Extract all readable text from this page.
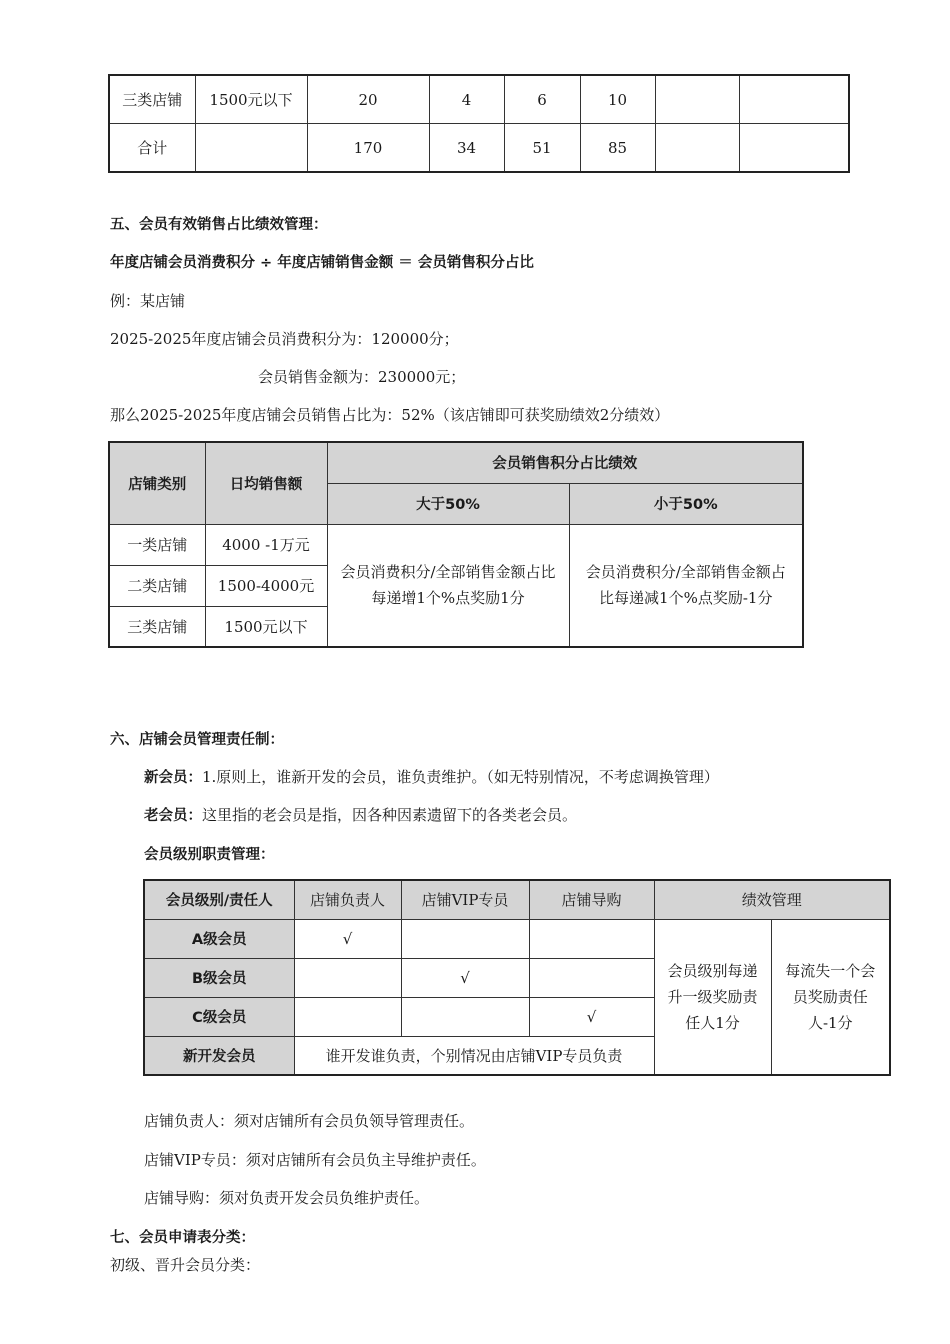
三类店铺	1500元以下	20	4	6	10		
合计		170	34	51	85		
五、会员有效销售占比绩效管理：
年度店铺会员消费积分 ÷ 年度店铺销售金额 ＝ 会员销售积分占比
例：某店铺
2025-2025年度店铺会员消费积分为：120000分；
会员销售金额为：230000元；
那么2025-2025年度店铺会员销售占比为：52%（该店铺即可获奖励绩效2分绩效）
店铺类别	日均销售额	会员销售积分占比绩效	
		大于50%	小于50%
一类店铺	4000 -1万元	会员消费积分/全部销售金额占比每递增1个%点奖励1分	会员消费积分/全部销售金额占比每递减1个%点奖励-1分
二类店铺	1500-4000元		
三类店铺	1500元以下		
六、店铺会员管理责任制：
新会员：1.原则上，谁新开发的会员，谁负责维护。（如无特别情况，不考虑调换管理）
老会员：这里指的老会员是指，因各种因素遗留下的各类老会员。
会员级别职责管理：
会员级别/责任人	店铺负责人	店铺VIP专员	店铺导购	绩效管理	
A级会员	√			会员级别每递升一级奖励责任人1分	每流失一个会员奖励责任人-1分
B级会员		√			
C级会员			√		
新开发会员	谁开发谁负责，个别情况由店铺VIP专员负责				
店铺负责人：须对店铺所有会员负领导管理责任。
店铺VIP专员：须对店铺所有会员负主导维护责任。
店铺导购：须对负责开发会员负维护责任。
七、会员申请表分类：
初级、晋升会员分类：
